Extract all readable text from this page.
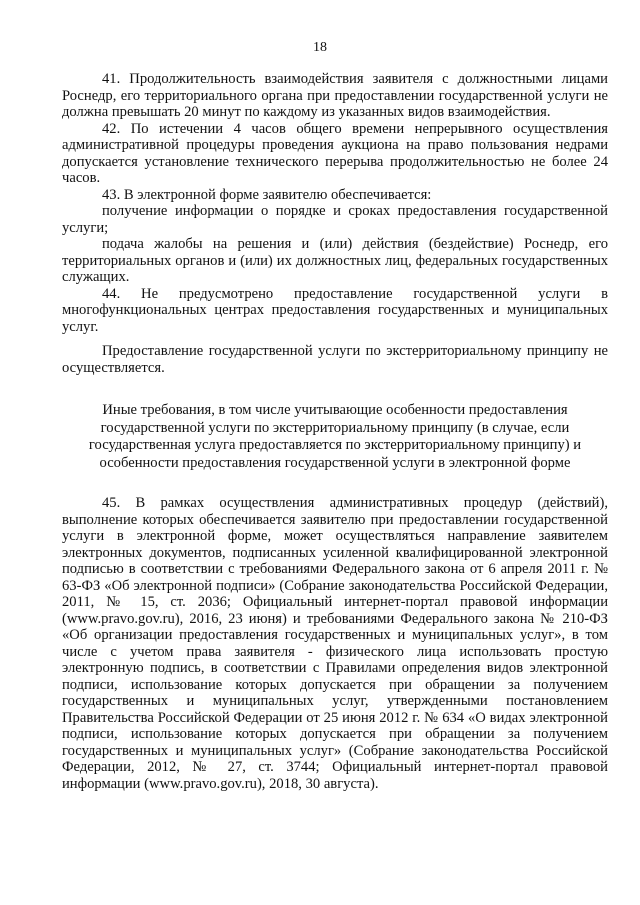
18

41. Продолжительность взаимодействия заявителя с должностными лицами Роснедр, его территориального органа при предоставлении государственной услуги не должна превышать 20 минут по каждому из указанных видов взаимодействия.

42. По истечении 4 часов общего времени непрерывного осуществления административной процедуры проведения аукциона на право пользования недрами допускается установление технического перерыва продолжительностью не более 24 часов.

43. В электронной форме заявителю обеспечивается:

получение информации о порядке и сроках предоставления государственной услуги;

подача жалобы на решения и (или) действия (бездействие) Роснедр, его территориальных органов и (или) их должностных лиц, федеральных государственных служащих.

44. Не предусмотрено предоставление государственной услуги в многофункциональных центрах предоставления государственных и муниципальных услуг.

Предоставление государственной услуги по экстерриториальному принципу не осуществляется.

Иные требования, в том числе учитывающие особенности предоставления
государственной услуги по экстерриториальному принципу (в случае, если
государственная услуга предоставляется по экстерриториальному принципу) и
особенности предоставления государственной услуги в электронной форме

45. В рамках осуществления административных процедур (действий), выполнение которых обеспечивается заявителю при предоставлении государственной услуги в электронной форме, может осуществляться направление заявителем электронных документов, подписанных усиленной квалифицированной электронной подписью в соответствии с требованиями Федерального закона от 6 апреля 2011 г. № 63-ФЗ «Об электронной подписи» (Собрание законодательства Российской Федерации, 2011, № 15, ст. 2036; Официальный интернет-портал правовой информации (www.pravo.gov.ru), 2016, 23 июня) и требованиями Федерального закона № 210-ФЗ «Об организации предоставления государственных и муниципальных услуг», в том числе с учетом права заявителя - физического лица использовать простую электронную подпись, в соответствии с Правилами определения видов электронной подписи, использование которых допускается при обращении за получением государственных и муниципальных услуг, утвержденными постановлением Правительства Российской Федерации от 25 июня 2012 г. № 634 «О видах электронной подписи, использование которых допускается при обращении за получением государственных и муниципальных услуг» (Собрание законодательства Российской Федерации, 2012, № 27, ст. 3744; Официальный интернет-портал правовой информации (www.pravo.gov.ru), 2018, 30 августа).
